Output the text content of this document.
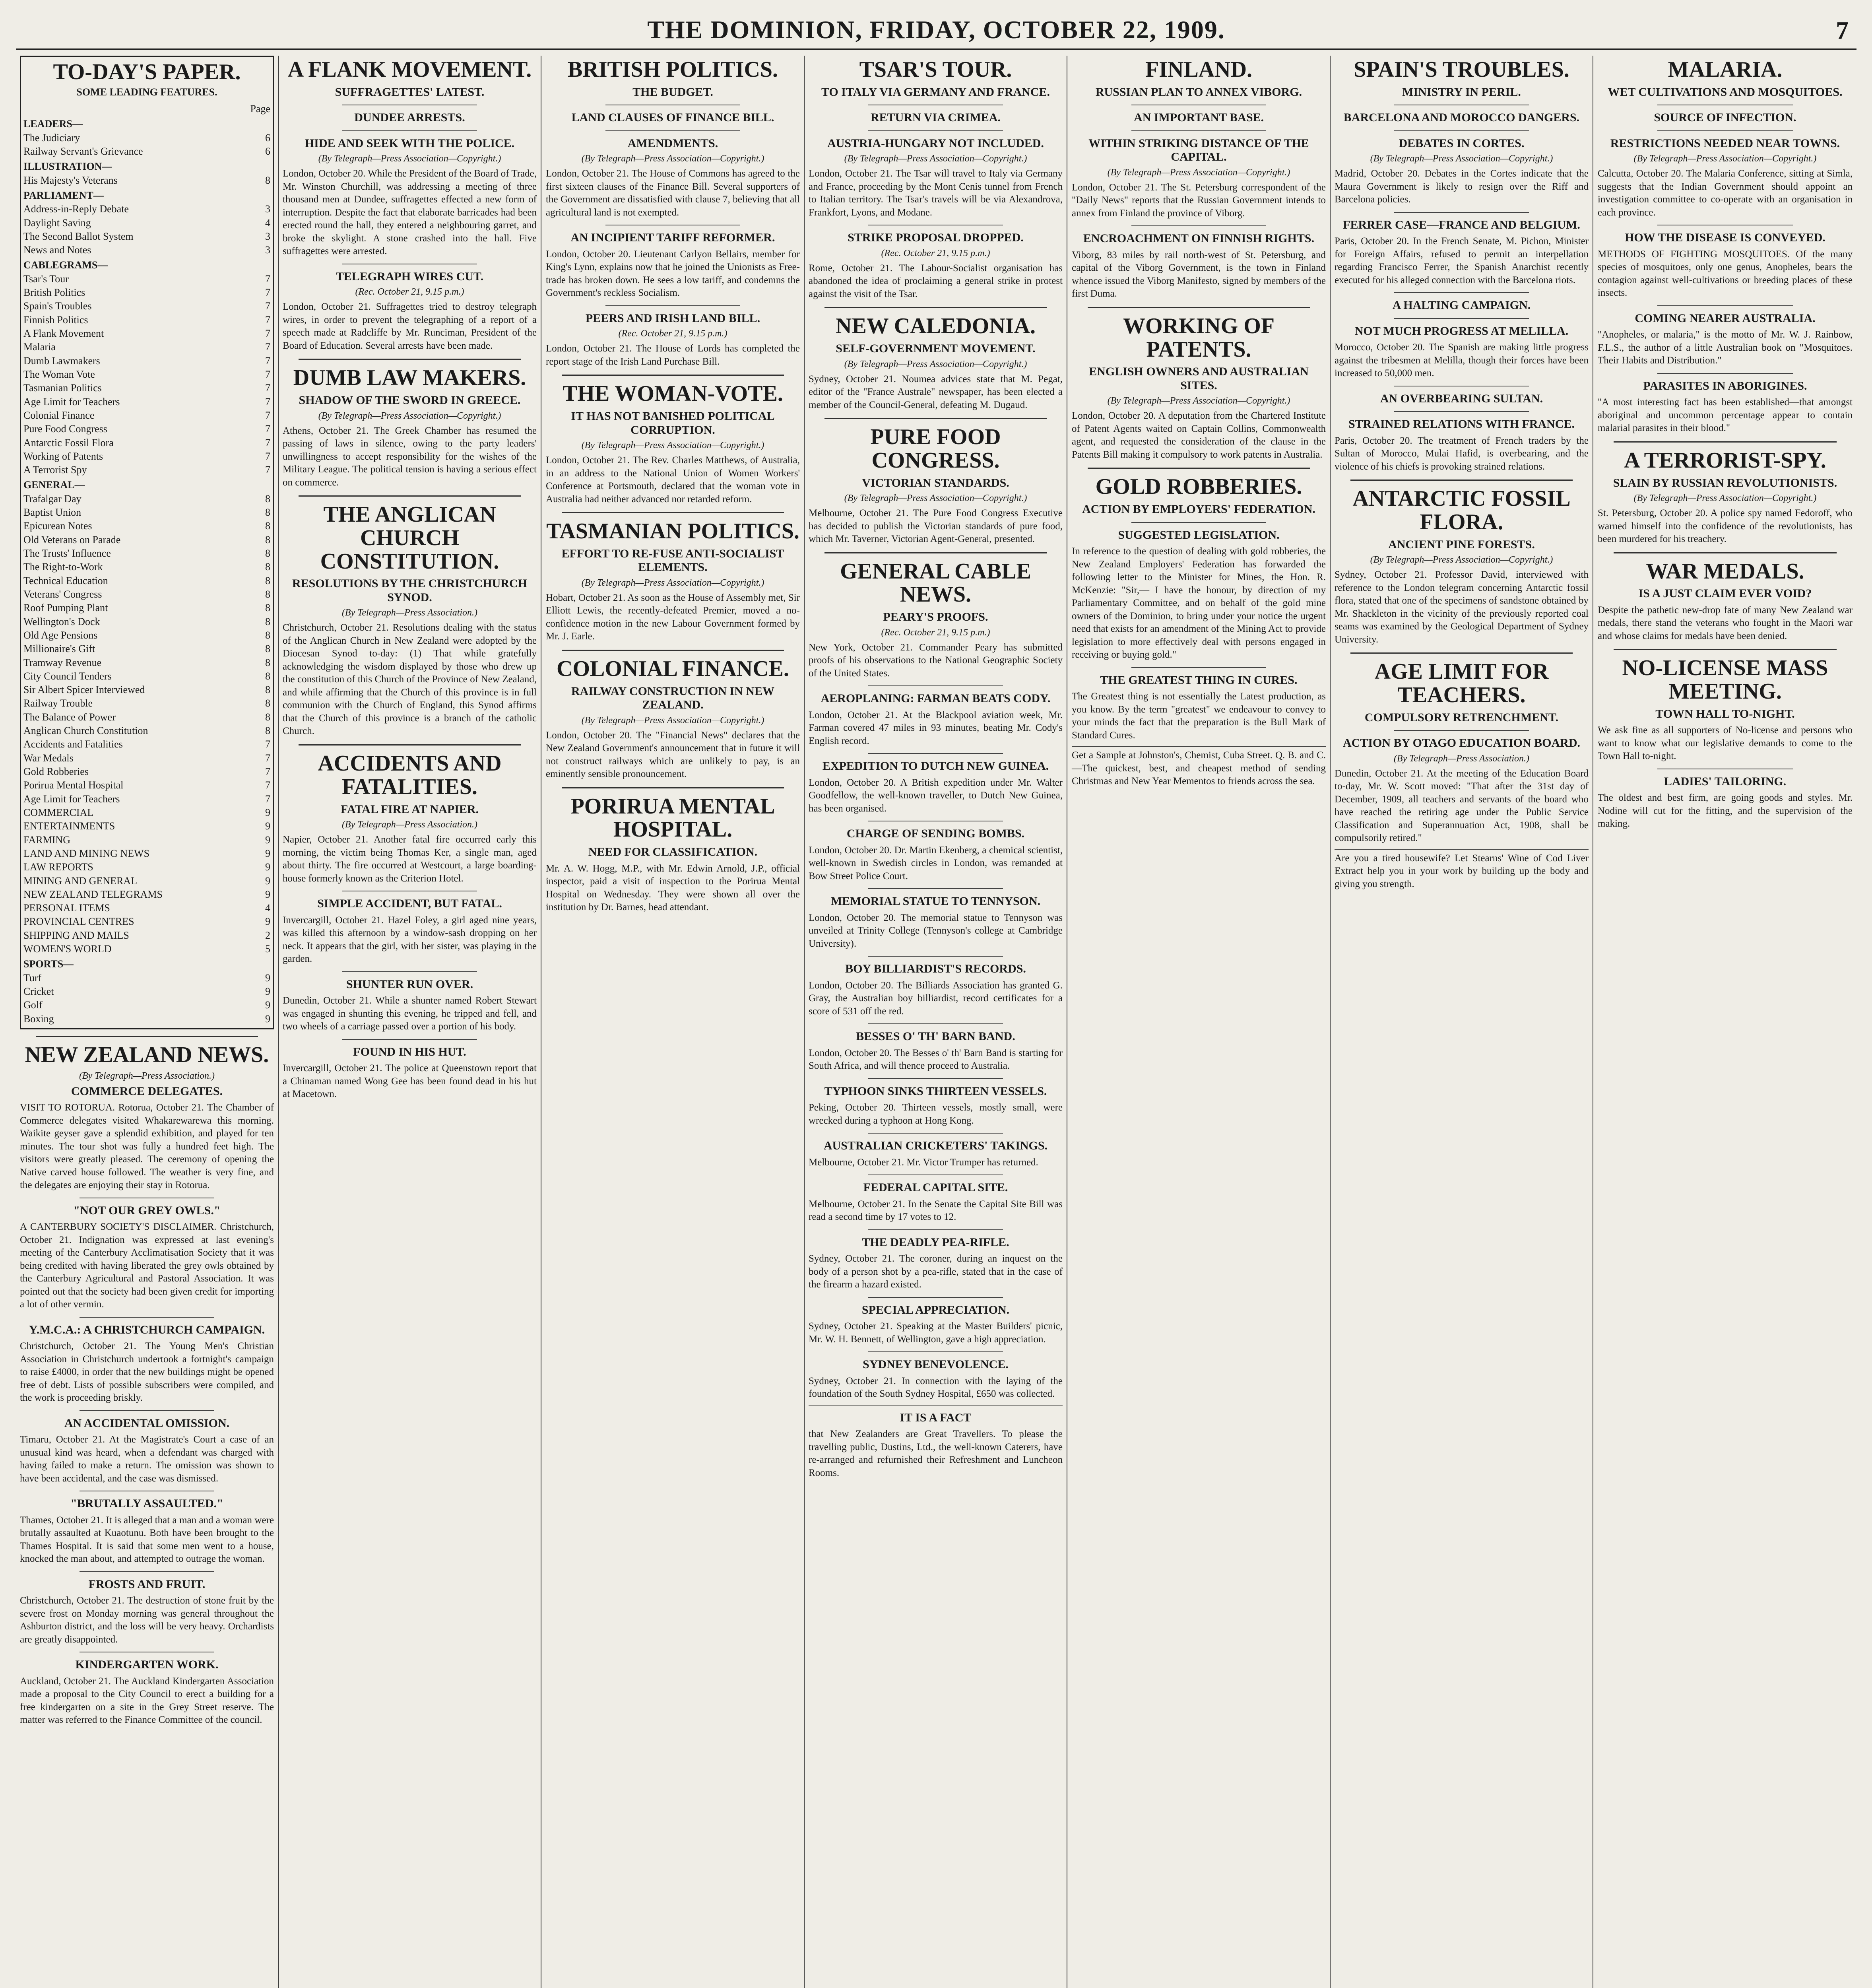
THE DOMINION, FRIDAY, OCTOBER 22, 1909.	7
TO-DAY'S PAPER.
SOME LEADING FEATURES.
Page
LEADERS—
The Judiciary	6
Railway Servant's Grievance	6
ILLUSTRATION—
His Majesty's Veterans	8
PARLIAMENT—
Address-in-Reply Debate	3
Daylight Saving	4
The Second Ballot System	3
News and Notes	3
CABLEGRAMS—
Tsar's Tour	7
British Politics	7
Spain's Troubles	7
Finnish Politics	7
A Flank Movement	7
Malaria	7
Dumb Lawmakers	7
The Woman Vote	7
Tasmanian Politics	7
Age Limit for Teachers	7
Colonial Finance	7
Pure Food Congress	7
Antarctic Fossil Flora	7
Working of Patents	7
A Terrorist Spy	7
GENERAL—
Trafalgar Day	8
Baptist Union	8
Epicurean Notes	8
Old Veterans on Parade	8
The Trusts' Influence	8
The Right-to-Work	8
Technical Education	8
Veterans' Congress	8
Roof Pumping Plant	8
Wellington's Dock	8
Old Age Pensions	8
Millionaire's Gift	8
Tramway Revenue	8
City Council Tenders	8
Sir Albert Spicer Interviewed	8
Railway Trouble	8
The Balance of Power	8
Anglican Church Constitution	8
Accidents and Fatalities	7
War Medals	7
Gold Robberies	7
Porirua Mental Hospital	7
Age Limit for Teachers	7
COMMERCIAL	9
ENTERTAINMENTS	9
FARMING	9
LAND AND MINING NEWS	9
LAW REPORTS	9
MINING AND GENERAL	9
NEW ZEALAND TELEGRAMS	9
PERSONAL ITEMS	4
PROVINCIAL CENTRES	9
SHIPPING AND MAILS	2
WOMEN'S WORLD	5
SPORTS—
Turf	9
Cricket	9
Golf	9
Boxing	9
NEW ZEALAND NEWS.
(By Telegraph—Press Association.)
COMMERCE DELEGATES.

VISIT TO ROTORUA. Rotorua, October 21. The Chamber of Commerce delegates visited Whakarewarewa this morning. Waikite geyser gave a splendid exhibition, and played for ten minutes. The tour shot was fully a hundred feet high. The visitors were greatly pleased. The ceremony of opening the Native carved house followed. The weather is very fine, and the delegates are enjoying their stay in Rotorua.

"NOT OUR GREY OWLS."

A CANTERBURY SOCIETY'S DISCLAIMER. Christchurch, October 21. Indignation was expressed at last evening's meeting of the Canterbury Acclimatisation Society that it was being credited with having liberated the grey owls obtained by the Canterbury Agricultural and Pastoral Association. It was pointed out that the society had been given credit for importing a lot of other vermin.

Y.M.C.A.: A CHRISTCHURCH CAMPAIGN.

Christchurch, October 21. The Young Men's Christian Association in Christchurch undertook a fortnight's campaign to raise £4000, in order that the new buildings might be opened free of debt. Lists of possible subscribers were compiled, and the work is proceeding briskly.

AN ACCIDENTAL OMISSION.

Timaru, October 21. At the Magistrate's Court a case of an unusual kind was heard, when a defendant was charged with having failed to make a return. The omission was shown to have been accidental, and the case was dismissed.

"BRUTALLY ASSAULTED."

Thames, October 21. It is alleged that a man and a woman were brutally assaulted at Kuaotunu. Both have been brought to the Thames Hospital. It is said that some men went to a house, knocked the man about, and attempted to outrage the woman.

FROSTS AND FRUIT.

Christchurch, October 21. The destruction of stone fruit by the severe frost on Monday morning was general throughout the Ashburton district, and the loss will be very heavy. Orchardists are greatly disappointed.

KINDERGARTEN WORK.

Auckland, October 21. The Auckland Kindergarten Association made a proposal to the City Council to erect a building for a free kindergarten on a site in the Grey Street reserve. The matter was referred to the Finance Committee of the council.

A FLANK MOVEMENT.
SUFFRAGETTES' LATEST.
DUNDEE ARRESTS.
HIDE AND SEEK WITH THE POLICE.
(By Telegraph—Press Association—Copyright.)

London, October 20. While the President of the Board of Trade, Mr. Winston Churchill, was addressing a meeting of three thousand men at Dundee, suffragettes effected a new form of interruption. Despite the fact that elaborate barricades had been erected round the hall, they entered a neighbouring garret, and broke the skylight. A stone crashed into the hall. Five suffragettes were arrested.

TELEGRAPH WIRES CUT.
(Rec. October 21, 9.15 p.m.)

London, October 21. Suffragettes tried to destroy telegraph wires, in order to prevent the telegraphing of a report of a speech made at Radcliffe by Mr. Runciman, President of the Board of Education. Several arrests have been made.

DUMB LAW MAKERS.
SHADOW OF THE SWORD IN GREECE.
(By Telegraph—Press Association—Copyright.)

Athens, October 21. The Greek Chamber has resumed the passing of laws in silence, owing to the party leaders' unwillingness to accept responsibility for the wishes of the Military League. The political tension is having a serious effect on commerce.

THE ANGLICAN CHURCH CONSTITUTION.
RESOLUTIONS BY THE CHRISTCHURCH SYNOD.
(By Telegraph—Press Association.)

Christchurch, October 21. Resolutions dealing with the status of the Anglican Church in New Zealand were adopted by the Diocesan Synod to-day: (1) That while gratefully acknowledging the wisdom displayed by those who drew up the constitution of this Church of the Province of New Zealand, and while affirming that the Church of this province is in full communion with the Church of England, this Synod affirms that the Church of this province is a branch of the catholic Church.

ACCIDENTS AND FATALITIES.
FATAL FIRE AT NAPIER.
(By Telegraph—Press Association.)

Napier, October 21. Another fatal fire occurred early this morning, the victim being Thomas Ker, a single man, aged about thirty. The fire occurred at Westcourt, a large boarding-house formerly known as the Criterion Hotel.

SIMPLE ACCIDENT, BUT FATAL.

Invercargill, October 21. Hazel Foley, a girl aged nine years, was killed this afternoon by a window-sash dropping on her neck. It appears that the girl, with her sister, was playing in the garden.

SHUNTER RUN OVER.

Dunedin, October 21. While a shunter named Robert Stewart was engaged in shunting this evening, he tripped and fell, and two wheels of a carriage passed over a portion of his body.

FOUND IN HIS HUT.

Invercargill, October 21. The police at Queenstown report that a Chinaman named Wong Gee has been found dead in his hut at Macetown.

BRITISH POLITICS.
THE BUDGET.
LAND CLAUSES OF FINANCE BILL.
AMENDMENTS.
(By Telegraph—Press Association—Copyright.)

London, October 21. The House of Commons has agreed to the first sixteen clauses of the Finance Bill. Several supporters of the Government are dissatisfied with clause 7, believing that all agricultural land is not exempted.

AN INCIPIENT TARIFF REFORMER.

London, October 20. Lieutenant Carlyon Bellairs, member for King's Lynn, explains now that he joined the Unionists as Free-trade has broken down. He sees a low tariff, and condemns the Government's reckless Socialism.

PEERS AND IRISH LAND BILL.
(Rec. October 21, 9.15 p.m.)

London, October 21. The House of Lords has completed the report stage of the Irish Land Purchase Bill.

THE WOMAN-VOTE.
IT HAS NOT BANISHED POLITICAL CORRUPTION.
(By Telegraph—Press Association—Copyright.)

London, October 21. The Rev. Charles Matthews, of Australia, in an address to the National Union of Women Workers' Conference at Portsmouth, declared that the woman vote in Australia had neither advanced nor retarded reform.

TASMANIAN POLITICS.
EFFORT TO RE-FUSE ANTI-SOCIALIST ELEMENTS.
(By Telegraph—Press Association—Copyright.)

Hobart, October 21. As soon as the House of Assembly met, Sir Elliott Lewis, the recently-defeated Premier, moved a no-confidence motion in the new Labour Government formed by Mr. J. Earle.

COLONIAL FINANCE.
RAILWAY CONSTRUCTION IN NEW ZEALAND.
(By Telegraph—Press Association—Copyright.)

London, October 20. The "Financial News" declares that the New Zealand Government's announcement that in future it will not construct railways which are unlikely to pay, is an eminently sensible pronouncement.

PORIRUA MENTAL HOSPITAL.
NEED FOR CLASSIFICATION.

Mr. A. W. Hogg, M.P., with Mr. Edwin Arnold, J.P., official inspector, paid a visit of inspection to the Porirua Mental Hospital on Wednesday. They were shown all over the institution by Dr. Barnes, head attendant.

TSAR'S TOUR.
TO ITALY VIA GERMANY AND FRANCE.
RETURN VIA CRIMEA.
AUSTRIA-HUNGARY NOT INCLUDED.
(By Telegraph—Press Association—Copyright.)

London, October 21. The Tsar will travel to Italy via Germany and France, proceeding by the Mont Cenis tunnel from French to Italian territory. The Tsar's travels will be via Alexandrova, Frankfort, Lyons, and Modane.

STRIKE PROPOSAL DROPPED.
(Rec. October 21, 9.15 p.m.)

Rome, October 21. The Labour-Socialist organisation has abandoned the idea of proclaiming a general strike in protest against the visit of the Tsar.

NEW CALEDONIA.
SELF-GOVERNMENT MOVEMENT.
(By Telegraph—Press Association—Copyright.)

Sydney, October 21. Noumea advices state that M. Pegat, editor of the "France Australe" newspaper, has been elected a member of the Council-General, defeating M. Dugaud.

PURE FOOD CONGRESS.
VICTORIAN STANDARDS.
(By Telegraph—Press Association—Copyright.)

Melbourne, October 21. The Pure Food Congress Executive has decided to publish the Victorian standards of pure food, which Mr. Taverner, Victorian Agent-General, presented.

GENERAL CABLE NEWS.
PEARY'S PROOFS.
(Rec. October 21, 9.15 p.m.)

New York, October 21. Commander Peary has submitted proofs of his observations to the National Geographic Society of the United States.

AEROPLANING: FARMAN BEATS CODY.

London, October 21. At the Blackpool aviation week, Mr. Farman covered 47 miles in 93 minutes, beating Mr. Cody's English record.

EXPEDITION TO DUTCH NEW GUINEA.

London, October 20. A British expedition under Mr. Walter Goodfellow, the well-known traveller, to Dutch New Guinea, has been organised.

CHARGE OF SENDING BOMBS.

London, October 20. Dr. Martin Ekenberg, a chemical scientist, well-known in Swedish circles in London, was remanded at Bow Street Police Court.

MEMORIAL STATUE TO TENNYSON.

London, October 20. The memorial statue to Tennyson was unveiled at Trinity College (Tennyson's college at Cambridge University).

BOY BILLIARDIST'S RECORDS.

London, October 20. The Billiards Association has granted G. Gray, the Australian boy billiardist, record certificates for a score of 531 off the red.

BESSES O' TH' BARN BAND.

London, October 20. The Besses o' th' Barn Band is starting for South Africa, and will thence proceed to Australia.

TYPHOON SINKS THIRTEEN VESSELS.

Peking, October 20. Thirteen vessels, mostly small, were wrecked during a typhoon at Hong Kong.

AUSTRALIAN CRICKETERS' TAKINGS.

Melbourne, October 21. Mr. Victor Trumper has returned.

FEDERAL CAPITAL SITE.

Melbourne, October 21. In the Senate the Capital Site Bill was read a second time by 17 votes to 12.

THE DEADLY PEA-RIFLE.

Sydney, October 21. The coroner, during an inquest on the body of a person shot by a pea-rifle, stated that in the case of the firearm a hazard existed.

SPECIAL APPRECIATION.

Sydney, October 21. Speaking at the Master Builders' picnic, Mr. W. H. Bennett, of Wellington, gave a high appreciation.

SYDNEY BENEVOLENCE.

Sydney, October 21. In connection with the laying of the foundation of the South Sydney Hospital, £650 was collected.

IT IS A FACT

that New Zealanders are Great Travellers. To please the travelling public, Dustins, Ltd., the well-known Caterers, have re-arranged and refurnished their Refreshment and Luncheon Rooms.

FINLAND.
RUSSIAN PLAN TO ANNEX VIBORG.
AN IMPORTANT BASE.
WITHIN STRIKING DISTANCE OF THE CAPITAL.
(By Telegraph—Press Association—Copyright.)

London, October 21. The St. Petersburg correspondent of the "Daily News" reports that the Russian Government intends to annex from Finland the province of Viborg.

ENCROACHMENT ON FINNISH RIGHTS.

Viborg, 83 miles by rail north-west of St. Petersburg, and capital of the Viborg Government, is the town in Finland whence issued the Viborg Manifesto, signed by members of the first Duma.

WORKING OF PATENTS.
ENGLISH OWNERS AND AUSTRALIAN SITES.
(By Telegraph—Press Association—Copyright.)

London, October 20. A deputation from the Chartered Institute of Patent Agents waited on Captain Collins, Commonwealth agent, and requested the consideration of the clause in the Patents Bill making it compulsory to work patents in Australia.

GOLD ROBBERIES.
ACTION BY EMPLOYERS' FEDERATION.
SUGGESTED LEGISLATION.

In reference to the question of dealing with gold robberies, the New Zealand Employers' Federation has forwarded the following letter to the Minister for Mines, the Hon. R. McKenzie: "Sir,— I have the honour, by direction of my Parliamentary Committee, and on behalf of the gold mine owners of the Dominion, to bring under your notice the urgent need that exists for an amendment of the Mining Act to provide legislation to more effectively deal with persons engaged in receiving or buying gold."

THE GREATEST THING IN CURES.

The Greatest thing is not essentially the Latest production, as you know. By the term "greatest" we endeavour to convey to your minds the fact that the preparation is the Bull Mark of Standard Cures.

Get a Sample at Johnston's, Chemist, Cuba Street. Q. B. and C.—The quickest, best, and cheapest method of sending Christmas and New Year Mementos to friends across the sea.

SPAIN'S TROUBLES.
MINISTRY IN PERIL.
BARCELONA AND MOROCCO DANGERS.
DEBATES IN CORTES.
(By Telegraph—Press Association—Copyright.)

Madrid, October 20. Debates in the Cortes indicate that the Maura Government is likely to resign over the Riff and Barcelona policies.

FERRER CASE—FRANCE AND BELGIUM.

Paris, October 20. In the French Senate, M. Pichon, Minister for Foreign Affairs, refused to permit an interpellation regarding Francisco Ferrer, the Spanish Anarchist recently executed for his alleged connection with the Barcelona riots.

A HALTING CAMPAIGN.
NOT MUCH PROGRESS AT MELILLA.

Morocco, October 20. The Spanish are making little progress against the tribesmen at Melilla, though their forces have been increased to 50,000 men.

AN OVERBEARING SULTAN.
STRAINED RELATIONS WITH FRANCE.

Paris, October 20. The treatment of French traders by the Sultan of Morocco, Mulai Hafid, is overbearing, and the violence of his chiefs is provoking strained relations.

ANTARCTIC FOSSIL FLORA.
ANCIENT PINE FORESTS.
(By Telegraph—Press Association—Copyright.)

Sydney, October 21. Professor David, interviewed with reference to the London telegram concerning Antarctic fossil flora, stated that one of the specimens of sandstone obtained by Mr. Shackleton in the vicinity of the previously reported coal seams was examined by the Geological Department of Sydney University.

AGE LIMIT FOR TEACHERS.
COMPULSORY RETRENCHMENT.
ACTION BY OTAGO EDUCATION BOARD.
(By Telegraph—Press Association.)

Dunedin, October 21. At the meeting of the Education Board to-day, Mr. W. Scott moved: "That after the 31st day of December, 1909, all teachers and servants of the board who have reached the retiring age under the Public Service Classification and Superannuation Act, 1908, shall be compulsorily retired."

Are you a tired housewife? Let Stearns' Wine of Cod Liver Extract help you in your work by building up the body and giving you strength.

MALARIA.
WET CULTIVATIONS AND MOSQUITOES.
SOURCE OF INFECTION.
RESTRICTIONS NEEDED NEAR TOWNS.
(By Telegraph—Press Association—Copyright.)

Calcutta, October 20. The Malaria Conference, sitting at Simla, suggests that the Indian Government should appoint an investigation committee to co-operate with an organisation in each province.

HOW THE DISEASE IS CONVEYED.

METHODS OF FIGHTING MOSQUITOES. Of the many species of mosquitoes, only one genus, Anopheles, bears the contagion against well-cultivations or breeding places of these insects.

COMING NEARER AUSTRALIA.

"Anopheles, or malaria," is the motto of Mr. W. J. Rainbow, F.L.S., the author of a little Australian book on "Mosquitoes. Their Habits and Distribution."

PARASITES IN ABORIGINES.

"A most interesting fact has been established—that amongst aboriginal and uncommon percentage appear to contain malarial parasites in their blood."

A TERRORIST-SPY.
SLAIN BY RUSSIAN REVOLUTIONISTS.
(By Telegraph—Press Association—Copyright.)

St. Petersburg, October 20. A police spy named Fedoroff, who warned himself into the confidence of the revolutionists, has been murdered for his treachery.

WAR MEDALS.
IS A JUST CLAIM EVER VOID?

Despite the pathetic new-drop fate of many New Zealand war medals, there stand the veterans who fought in the Maori war and whose claims for medals have been denied.

NO-LICENSE MASS MEETING.
TOWN HALL TO-NIGHT.

We ask fine as all supporters of No-license and persons who want to know what our legislative demands to come to the Town Hall to-night.

LADIES' TAILORING.

The oldest and best firm, are going goods and styles. Mr. Nodine will cut for the fitting, and the supervision of the making.
